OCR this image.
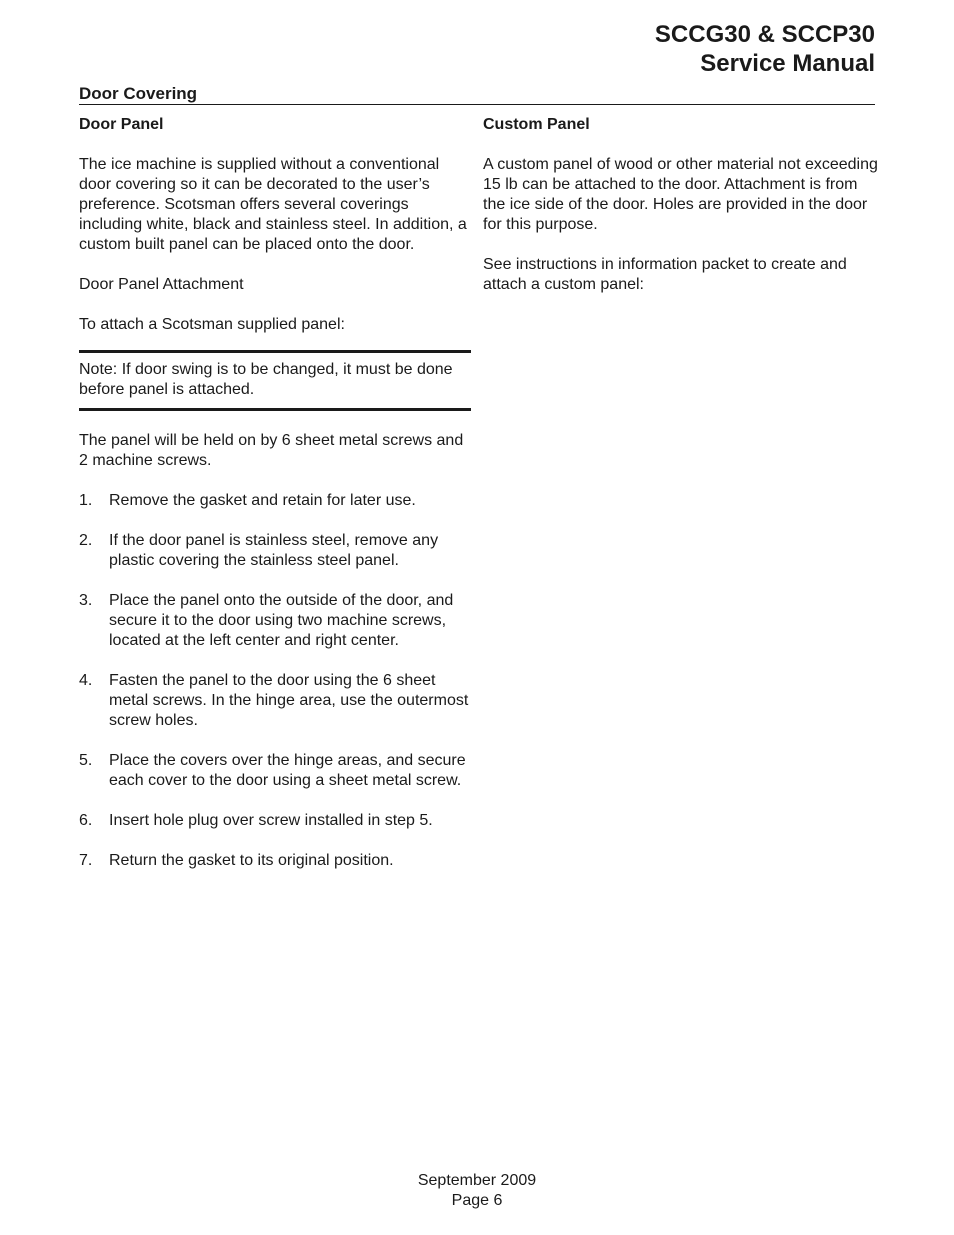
SCCG30 & SCCP30
Service Manual
Door Covering
Door Panel

The ice machine is supplied without a conventional door covering so it can be decorated to the user’s preference. Scotsman offers several coverings including white, black and stainless steel. In addition, a custom built panel can be placed onto the door.

Door Panel Attachment

To attach a Scotsman supplied panel:

Note: If door swing is to be changed, it must be done before panel is attached.

The panel will be held on by 6 sheet metal screws and 2 machine screws.

1.	Remove the gasket and retain for later use.
2.	If the door panel is stainless steel, remove any plastic covering the stainless steel panel.
3.	Place the panel onto the outside of the door, and secure it to the door using two machine screws, located at the left center and right center.
4.	Fasten the panel to the door using the 6 sheet metal screws. In the hinge area, use the outermost screw holes.
5.	Place the covers over the hinge areas, and secure each cover to the door using a sheet metal screw.
6.	Insert hole plug over screw installed in step 5.
7.	Return the gasket to its original position.
Custom Panel

A custom panel of wood or other material not exceeding 15 lb can be attached to the door. Attachment is from the ice side of the door. Holes are provided in the door for this purpose.

See instructions in information packet to create and attach a custom panel:

September 2009
Page 6
